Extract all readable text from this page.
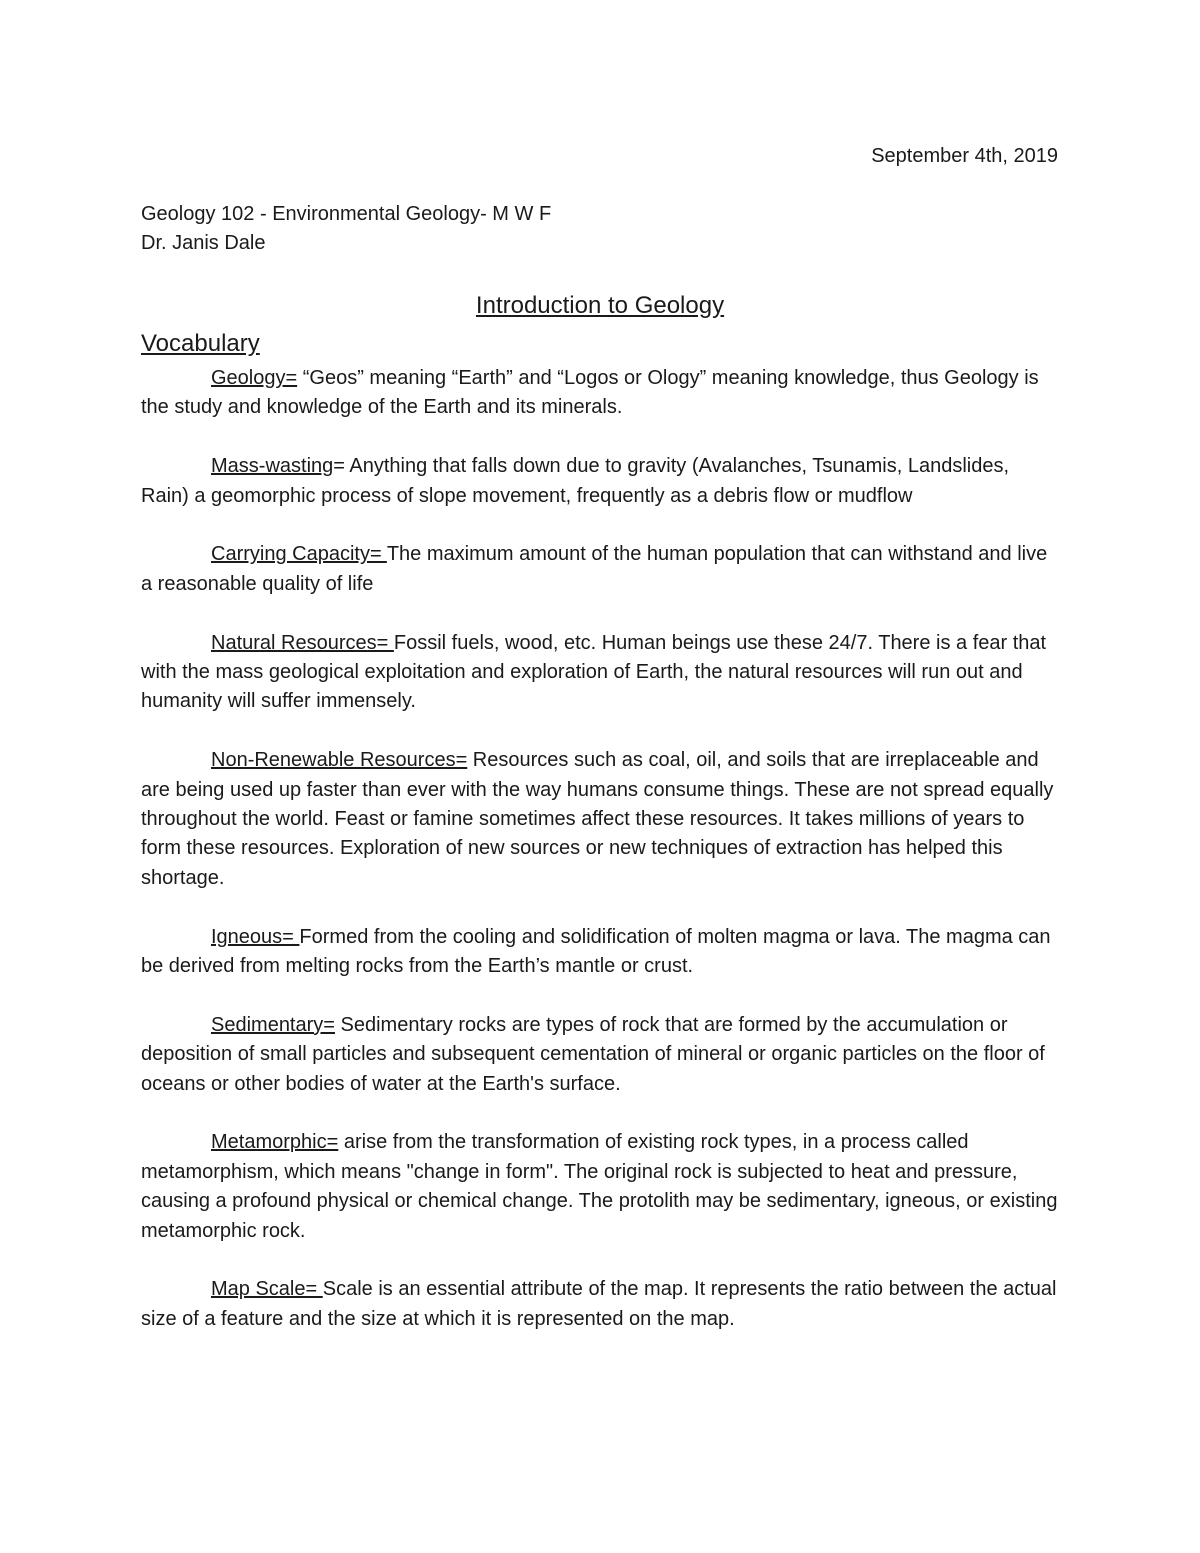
September 4th, 2019
Geology 102 - Environmental Geology- M W F
Dr. Janis Dale
Introduction to Geology
Vocabulary

Geology= “Geos” meaning “Earth” and “Logos or Ology” meaning knowledge, thus Geology is the study and knowledge of the Earth and its minerals.

Mass-wasting= Anything that falls down due to gravity (Avalanches, Tsunamis, Landslides, Rain) a geomorphic process of slope movement, frequently as a debris flow or mudflow

Carrying Capacity= The maximum amount of the human population that can withstand and live a reasonable quality of life

Natural Resources= Fossil fuels, wood, etc. Human beings use these 24/7. There is a fear that with the mass geological exploitation and exploration of Earth, the natural resources will run out and humanity will suffer immensely.

Non-Renewable Resources= Resources such as coal, oil, and soils that are irreplaceable and are being used up faster than ever with the way humans consume things. These are not spread equally throughout the world. Feast or famine sometimes affect these resources. It takes millions of years to form these resources. Exploration of new sources or new techniques of extraction has helped this shortage.

Igneous= Formed from the cooling and solidification of molten magma or lava. The magma can be derived from melting rocks from the Earth’s mantle or crust.

Sedimentary= Sedimentary rocks are types of rock that are formed by the accumulation or deposition of small particles and subsequent cementation of mineral or organic particles on the floor of oceans or other bodies of water at the Earth's surface.

Metamorphic= arise from the transformation of existing rock types, in a process called metamorphism, which means "change in form". The original rock is subjected to heat and pressure, causing a profound physical or chemical change. The protolith may be sedimentary, igneous, or existing metamorphic rock.

Map Scale= Scale is an essential attribute of the map. It represents the ratio between the actual size of a feature and the size at which it is represented on the map.
